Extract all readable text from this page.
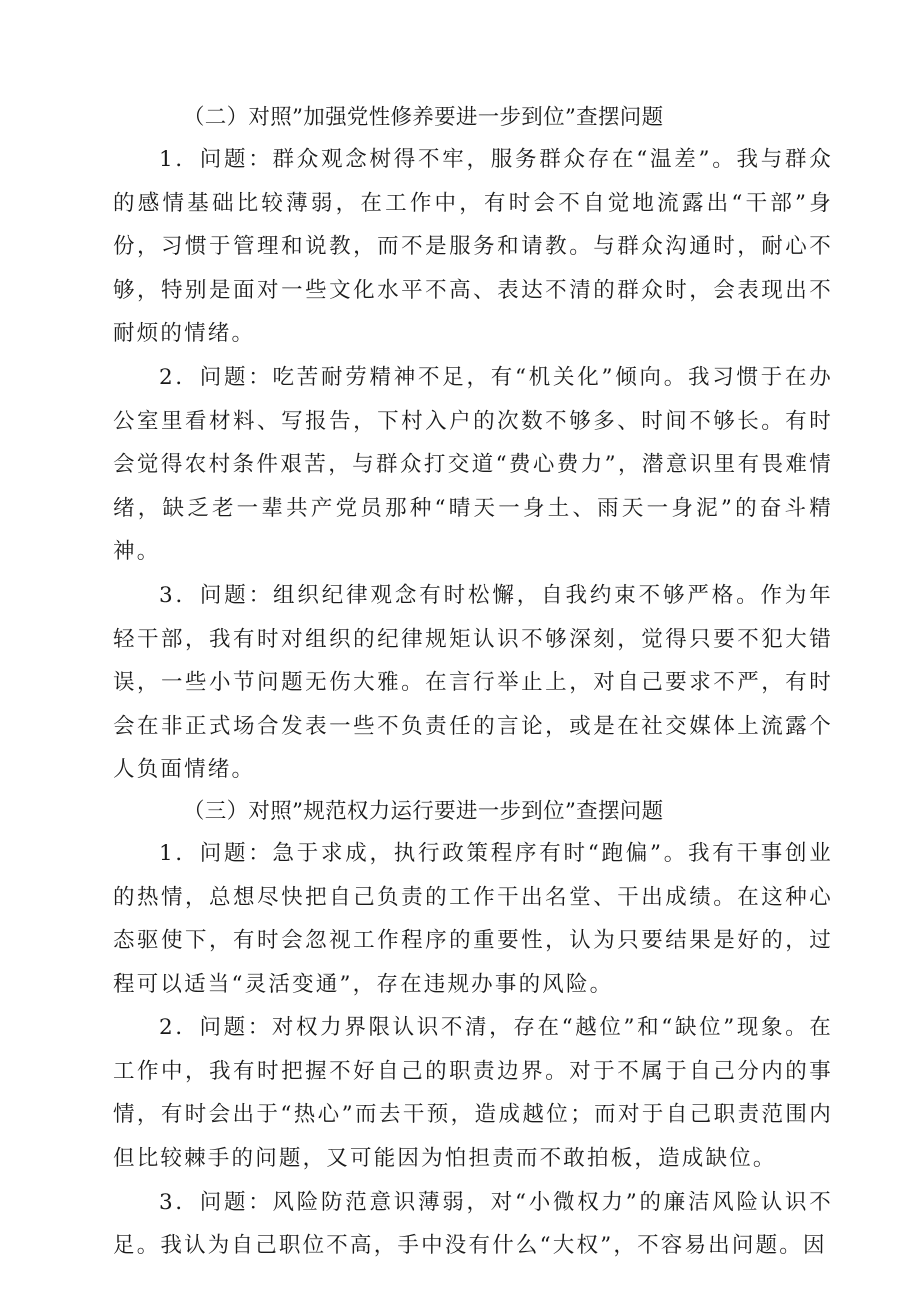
（二）对照”加强党性修养要进一步到位”查摆问题

1．问题：群众观念树得不牢，服务群众存在“温差”。我与群众的感情基础比较薄弱，在工作中，有时会不自觉地流露出“干部”身份，习惯于管理和说教，而不是服务和请教。与群众沟通时，耐心不够，特别是面对一些文化水平不高、表达不清的群众时，会表现出不耐烦的情绪。

2．问题：吃苦耐劳精神不足，有“机关化”倾向。我习惯于在办公室里看材料、写报告，下村入户的次数不够多、时间不够长。有时会觉得农村条件艰苦，与群众打交道“费心费力”，潜意识里有畏难情绪，缺乏老一辈共产党员那种“晴天一身土、雨天一身泥”的奋斗精神。

3．问题：组织纪律观念有时松懈，自我约束不够严格。作为年轻干部，我有时对组织的纪律规矩认识不够深刻，觉得只要不犯大错误，一些小节问题无伤大雅。在言行举止上，对自己要求不严，有时会在非正式场合发表一些不负责任的言论，或是在社交媒体上流露个人负面情绪。

（三）对照”规范权力运行要进一步到位”查摆问题

1．问题：急于求成，执行政策程序有时“跑偏”。我有干事创业的热情，总想尽快把自己负责的工作干出名堂、干出成绩。在这种心态驱使下，有时会忽视工作程序的重要性，认为只要结果是好的，过程可以适当“灵活变通”，存在违规办事的风险。

2．问题：对权力界限认识不清，存在“越位”和“缺位”现象。在工作中，我有时把握不好自己的职责边界。对于不属于自己分内的事情，有时会出于“热心”而去干预，造成越位；而对于自己职责范围内但比较棘手的问题，又可能因为怕担责而不敢拍板，造成缺位。

3．问题：风险防范意识薄弱，对“小微权力”的廉洁风险认识不足。我认为自己职位不高，手中没有什么“大权”，不容易出问题。因
